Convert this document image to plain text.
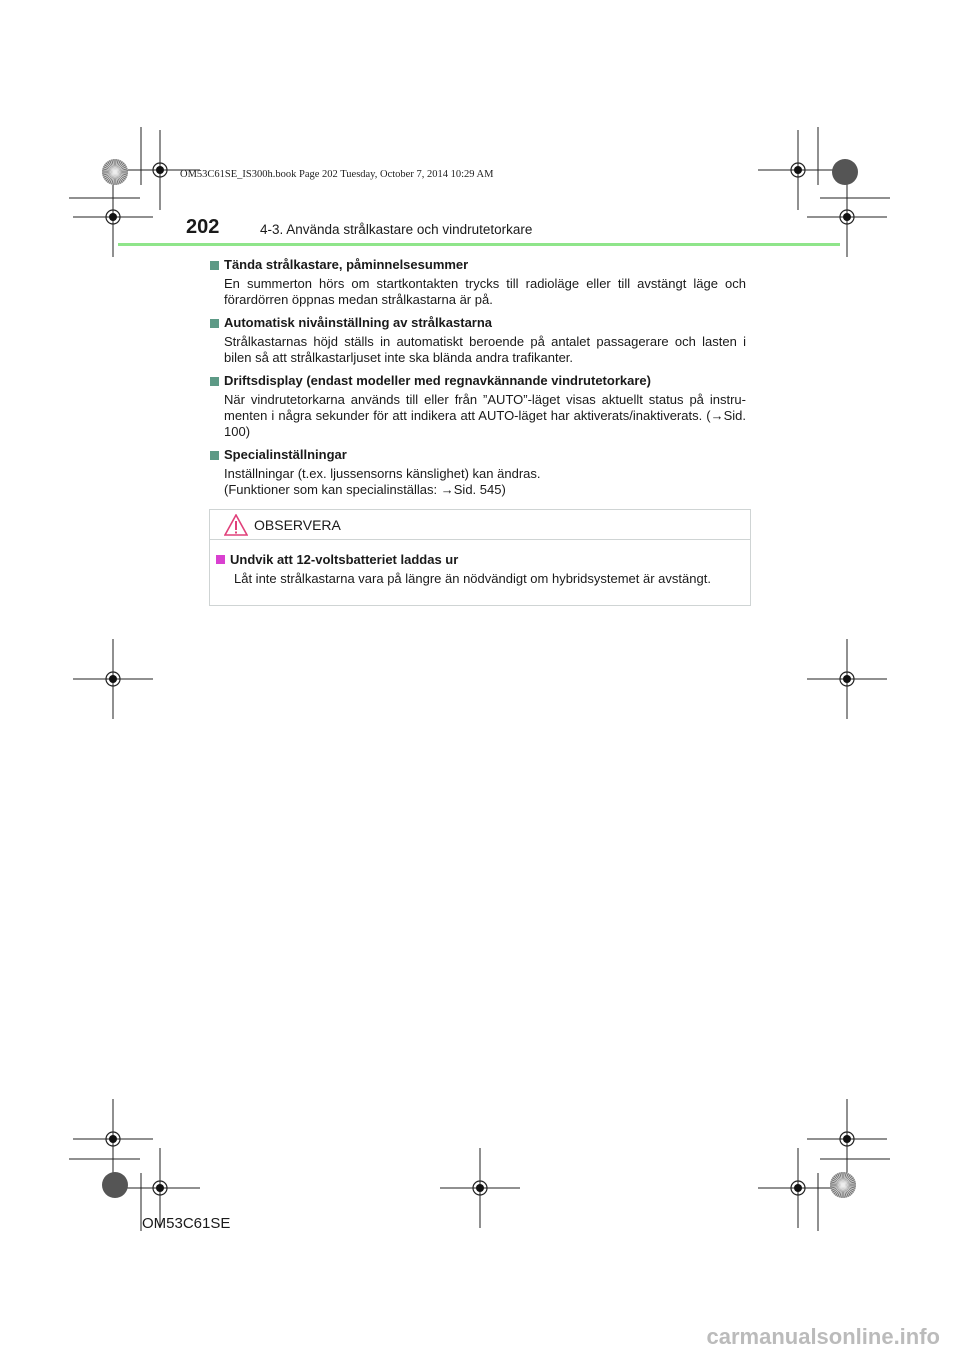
OM53C61SE_IS300h.book Page 202 Tuesday, October 7, 2014 10:29 AM
202	4-3. Använda strålkastare och vindrutetorkare
Tända strålkastare, påminnelsesummer

En summerton hörs om startkontakten trycks till radioläge eller till avstängt läge och förardörren öppnas medan strålkastarna är på.

Automatisk nivåinställning av strålkastarna

Strålkastarnas höjd ställs in automatiskt beroende på antalet passagerare och lasten i bilen så att strålkastarljuset inte ska blända andra trafikanter.

Driftsdisplay (endast modeller med regnavkännande vindrutetorkare)

När vindrutetorkarna används till eller från ”AUTO”-läget visas aktuellt status på instru-menten i några sekunder för att indikera att AUTO-läget har aktiverats/inaktiverats. (→Sid. 100)

Specialinställningar

Inställningar (t.ex. ljussensorns känslighet) kan ändras.

(Funktioner som kan specialinställas: →Sid. 545)

OBSERVERA
Undvik att 12-voltsbatteriet laddas ur

Låt inte strålkastarna vara på längre än nödvändigt om hybridsystemet är avstängt.

OM53C61SE
carmanualsonline.info
